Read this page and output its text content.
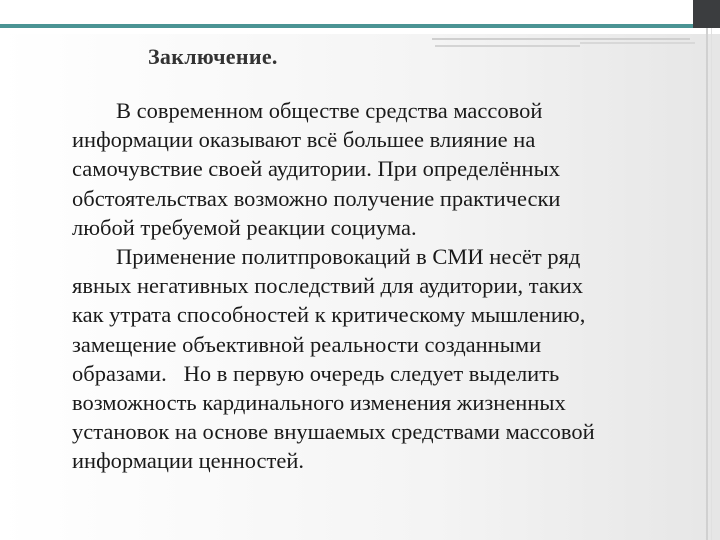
Заключение.

В современном обществе средства массовой
информации оказывают всё большее влияние на
самочувствие своей аудитории. При определённых
обстоятельствах возможно получение практически
любой требуемой реакции социума.

Применение политпровокаций в СМИ несёт ряд
явных негативных последствий для аудитории, таких
как утрата способностей к критическому мышлению,
замещение объективной реальности созданными
образами.   Но в первую очередь следует выделить
возможность кардинального изменения жизненных
установок на основе внушаемых средствами массовой
информации ценностей.
